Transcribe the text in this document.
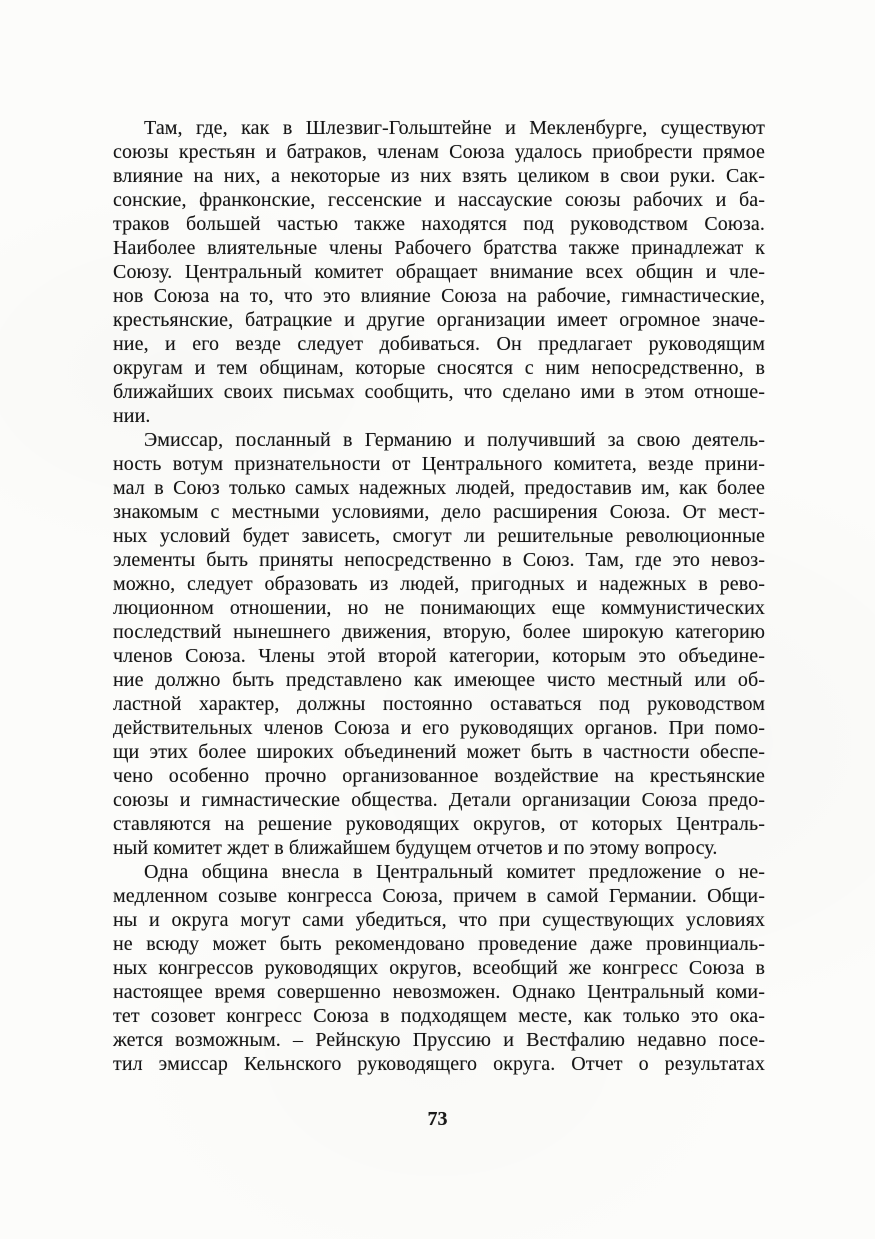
Там, где, как в Шлезвиг-Гольштейне и Мекленбурге, существуют
союзы крестьян и батраков, членам Союза удалось приобрести прямое
влияние на них, а некоторые из них взять целиком в свои руки. Сак-
сонские, франконские, гессенские и нассауские союзы рабочих и ба-
траков большей частью также находятся под руководством Союза.
Наиболее влиятельные члены Рабочего братства также принадлежат к
Союзу. Центральный комитет обращает внимание всех общин и чле-
нов Союза на то, что это влияние Союза на рабочие, гимнастические,
крестьянские, батрацкие и другие организации имеет огромное значе-
ние, и его везде следует добиваться. Он предлагает руководящим
округам и тем общинам, которые сносятся с ним непосредственно, в
ближайших своих письмах сообщить, что сделано ими в этом отноше-
нии.
Эмиссар, посланный в Германию и получивший за свою деятель-
ность вотум признательности от Центрального комитета, везде прини-
мал в Союз только самых надежных людей, предоставив им, как более
знакомым с местными условиями, дело расширения Союза. От мест-
ных условий будет зависеть, смогут ли решительные революционные
элементы быть приняты непосредственно в Союз. Там, где это невоз-
можно, следует образовать из людей, пригодных и надежных в рево-
люционном отношении, но не понимающих еще коммунистических
последствий нынешнего движения, вторую, более широкую категорию
членов Союза. Члены этой второй категории, которым это объедине-
ние должно быть представлено как имеющее чисто местный или об-
ластной характер, должны постоянно оставаться под руководством
действительных членов Союза и его руководящих органов. При помо-
щи этих более широких объединений может быть в частности обеспе-
чено особенно прочно организованное воздействие на крестьянские
союзы и гимнастические общества. Детали организации Союза предо-
ставляются на решение руководящих округов, от которых Централь-
ный комитет ждет в ближайшем будущем отчетов и по этому вопросу.
Одна община внесла в Центральный комитет предложение о не-
медленном созыве конгресса Союза, причем в самой Германии. Общи-
ны и округа могут сами убедиться, что при существующих условиях
не всюду может быть рекомендовано проведение даже провинциаль-
ных конгрессов руководящих округов, всеобщий же конгресс Союза в
настоящее время совершенно невозможен. Однако Центральный коми-
тет созовет конгресс Союза в подходящем месте, как только это ока-
жется возможным. – Рейнскую Пруссию и Вестфалию недавно посе-
тил эмиссар Кельнского руководящего округа. Отчет о результатах
73
